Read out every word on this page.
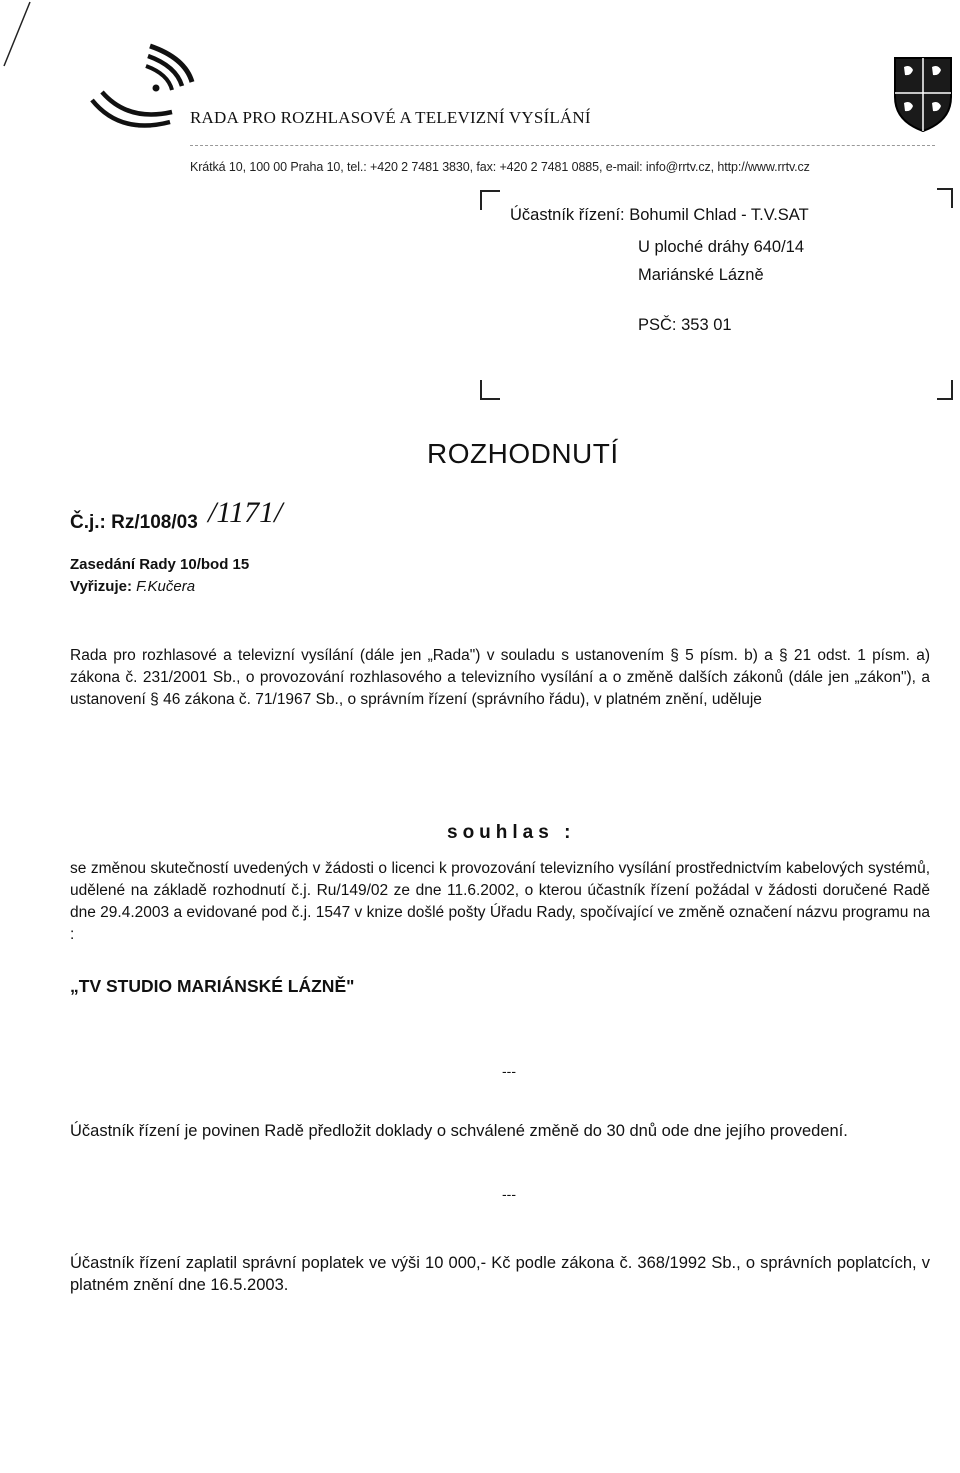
RADA PRO ROZHLASOVÉ A TELEVIZNÍ VYSÍLÁNÍ
Krátká 10, 100 00 Praha 10, tel.: +420 2 7481 3830, fax: +420 2 7481 0885, e-mail: info@rrtv.cz, http://www.rrtv.cz
Účastník řízení: Bohumil Chlad - T.V.SAT
U ploché dráhy 640/14
Mariánské Lázně
PSČ: 353 01
ROZHODNUTÍ
Č.j.: Rz/108/03 /1171/
Zasedání Rady 10/bod 15
Vyřizuje: F.Kučera
Rada pro rozhlasové a televizní vysílání (dále jen „Rada") v souladu s ustanovením § 5 písm. b) a § 21 odst. 1 písm. a) zákona č. 231/2001 Sb., o provozování rozhlasového a televizního vysílání a o změně dalších zákonů (dále jen „zákon"), a ustanovení § 46 zákona č. 71/1967 Sb., o správním řízení (správního řádu), v platném znění, uděluje
souhlas :
se změnou skutečností uvedených v žádosti o licenci k provozování televizního vysílání prostřednictvím kabelových systémů, udělené na základě rozhodnutí č.j. Ru/149/02 ze dne 11.6.2002, o kterou účastník řízení požádal v žádosti doručené Radě dne 29.4.2003 a evidované pod č.j. 1547 v knize došlé pošty Úřadu Rady, spočívající ve změně označení názvu programu na :
„TV STUDIO MARIÁNSKÉ LÁZNĚ"
---
Účastník řízení je povinen Radě předložit doklady o schválené změně do 30 dnů ode dne jejího provedení.
---
Účastník řízení zaplatil správní poplatek ve výši 10 000,- Kč podle zákona č. 368/1992 Sb., o správních poplatcích, v platném znění dne 16.5.2003.
